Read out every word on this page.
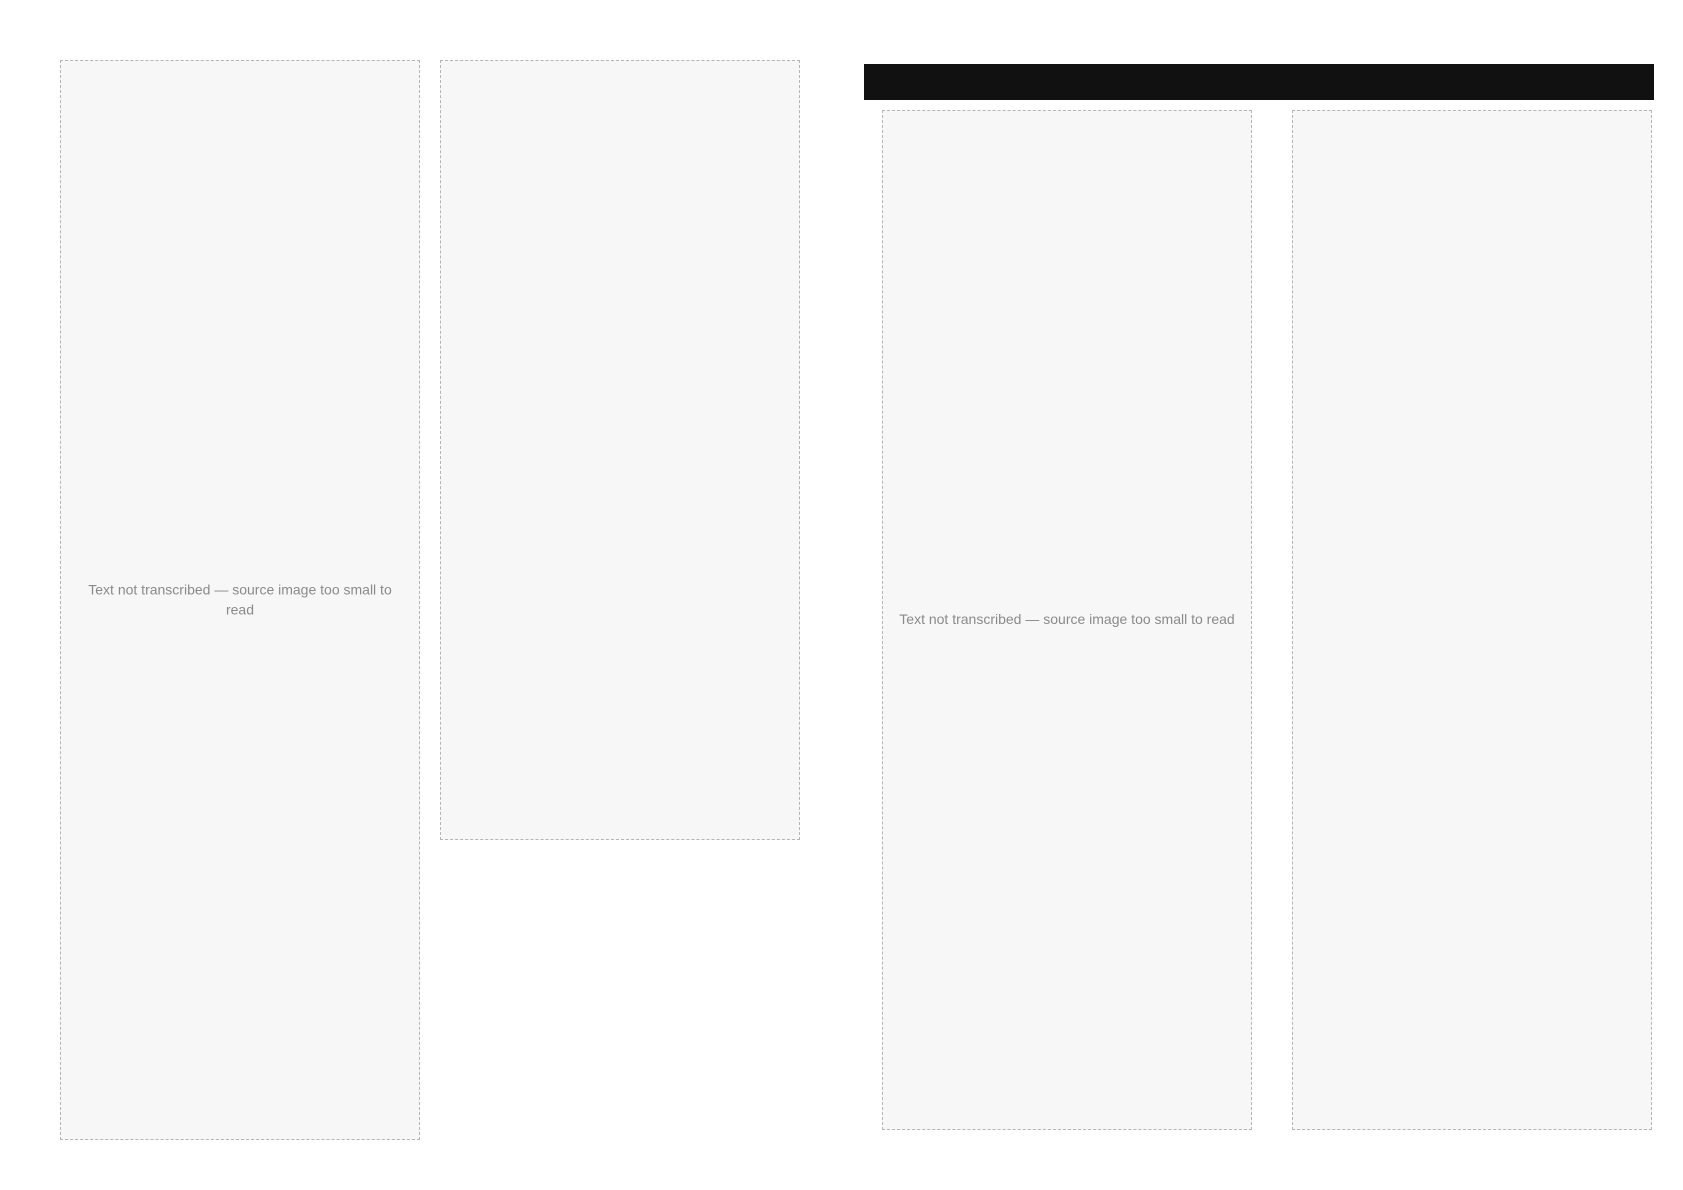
Text not transcribed — source image too small to read
Text not transcribed — source image too small to read
